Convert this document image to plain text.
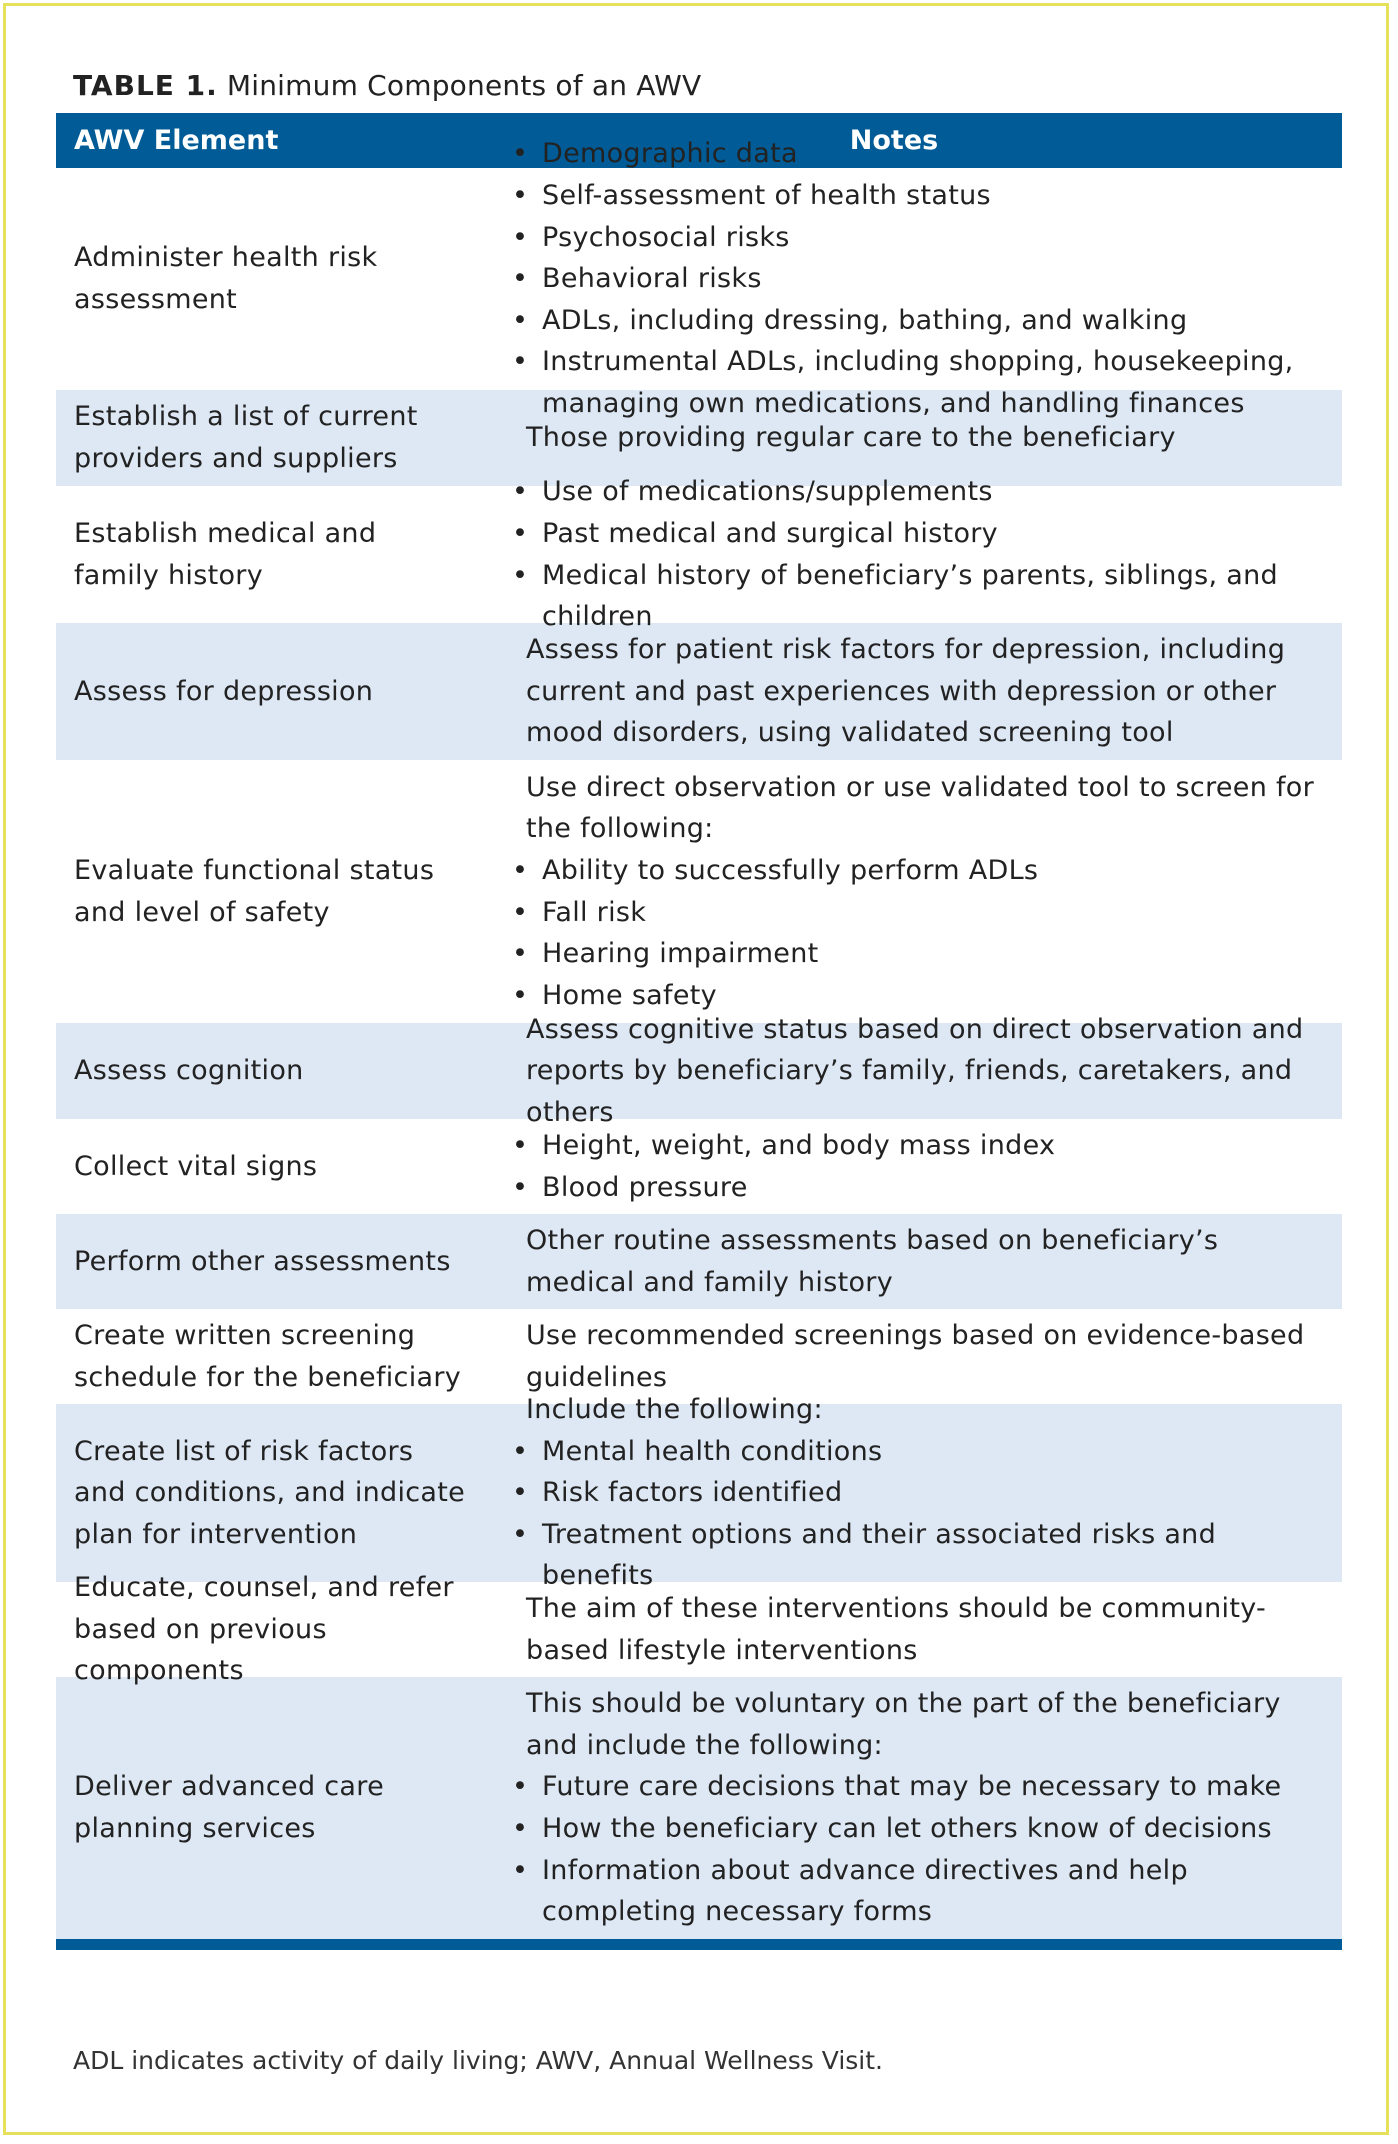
TABLE 1. Minimum Components of an AWV
AWV Element	Notes
Administer health risk assessment
• Demographic data
• Self-assessment of health status
• Psychosocial risks
• Behavioral risks
• ADLs, including dressing, bathing, and walking
• Instrumental ADLs, including shopping, housekeeping, managing own medications, and handling finances
Establish a list of current providers and suppliers
Those providing regular care to the beneficiary
Establish medical and family history
• Use of medications/supplements
• Past medical and surgical history
• Medical history of beneficiary’s parents, siblings, and children
Assess for depression
Assess for patient risk factors for depression, including current and past experiences with depression or other mood disorders, using validated screening tool
Evaluate functional status and level of safety
Use direct observation or use validated tool to screen for the following:
• Ability to successfully perform ADLs
• Fall risk
• Hearing impairment
• Home safety
Assess cognition
Assess cognitive status based on direct observation and reports by beneficiary’s family, friends, caretakers, and others
Collect vital signs
• Height, weight, and body mass index
• Blood pressure
Perform other assessments
Other routine assessments based on beneficiary’s medical and family history
Create written screening schedule for the beneficiary
Use recommended screenings based on evidence-based guidelines
Create list of risk factors and conditions, and indicate plan for intervention
Include the following:
• Mental health conditions
• Risk factors identified
• Treatment options and their associated risks and benefits
Educate, counsel, and refer based on previous components
The aim of these interventions should be community-based lifestyle interventions
Deliver advanced care planning services
This should be voluntary on the part of the beneficiary and include the following:
• Future care decisions that may be necessary to make
• How the beneficiary can let others know of decisions
• Information about advance directives and help completing necessary forms
ADL indicates activity of daily living; AWV, Annual Wellness Visit.
